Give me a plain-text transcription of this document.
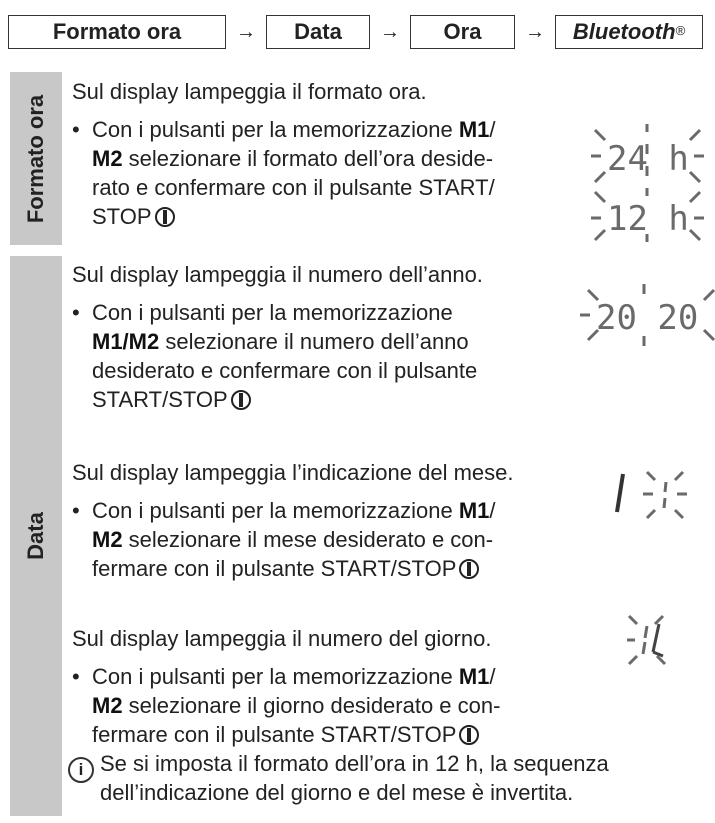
Formato ora	→	Data	→	Ora	→	Bluetooth ®
Formato ora
Data
Sul display lampeggia il formato ora.
• Con i pulsanti per la memorizzazione M1/
M2 selezionare il formato dell’ora deside-
rato e confermare con il pulsante START/
STOP
24 h
12 h
Sul display lampeggia il numero dell’anno.
• Con i pulsanti per la memorizzazione
M1/M2 selezionare il numero dell’anno
desiderato e confermare con il pulsante
START/STOP
20 20
Sul display lampeggia l’indicazione del mese.
• Con i pulsanti per la memorizzazione M1/
M2 selezionare il mese desiderato e con-
fermare con il pulsante START/STOP
Sul display lampeggia il numero del giorno.
• Con i pulsanti per la memorizzazione M1/
M2 selezionare il giorno desiderato e con-
fermare con il pulsante START/STOP
i Se si imposta il formato dell’ora in 12 h, la sequenza
dell’indicazione del giorno e del mese è invertita.
